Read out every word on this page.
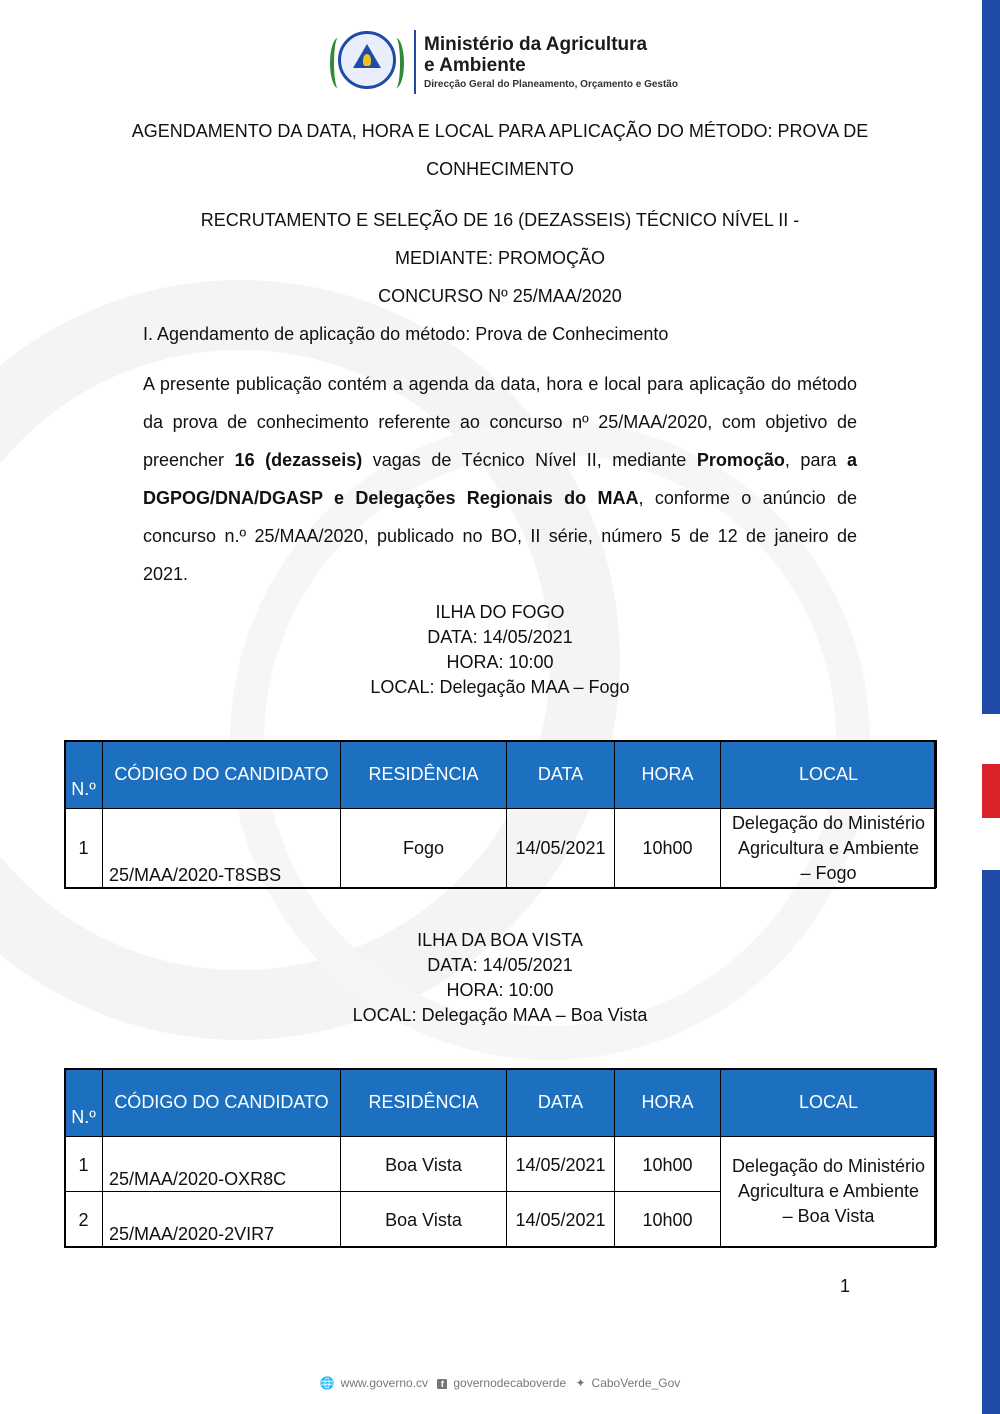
Ministério da Agricultura
e Ambiente
Direcção Geral do Planeamento, Orçamento e Gestão
AGENDAMENTO DA DATA, HORA E LOCAL PARA APLICAÇÃO DO MÉTODO: PROVA DE
CONHECIMENTO
RECRUTAMENTO E SELEÇÃO DE 16 (DEZASSEIS) TÉCNICO NÍVEL II -
MEDIANTE: PROMOÇÃO
CONCURSO Nº 25/MAA/2020
I. Agendamento de aplicação do método: Prova de Conhecimento
A presente publicação contém a agenda da data, hora e local para aplicação do método da prova de conhecimento referente ao concurso nº 25/MAA/2020, com objetivo de preencher 16 (dezasseis) vagas de Técnico Nível II, mediante Promoção, para a DGPOG/DNA/DGASP e Delegações Regionais do MAA, conforme o anúncio de concurso n.º 25/MAA/2020, publicado no BO, II série, número 5 de 12 de janeiro de 2021.
ILHA DO FOGO
DATA: 14/05/2021
HORA: 10:00
LOCAL: Delegação MAA – Fogo
N.º	CÓDIGO DO CANDIDATO	RESIDÊNCIA	DATA	HORA	LOCAL
1	25/MAA/2020-T8SBS	Fogo	14/05/2021	10h00	Delegação do Ministério
Agricultura e Ambiente
– Fogo
ILHA DA BOA VISTA
DATA: 14/05/2021
HORA: 10:00
LOCAL: Delegação MAA – Boa Vista
N.º	CÓDIGO DO CANDIDATO	RESIDÊNCIA	DATA	HORA	LOCAL
1	25/MAA/2020-OXR8C	Boa Vista	14/05/2021	10h00	Delegação do Ministério
Agricultura e Ambiente
– Boa Vista

2	25/MAA/2020-2VIR7	Boa Vista	14/05/2021	10h00	
1
🌐 www.governo.cv f governodecaboverde ✦ CaboVerde_Gov
